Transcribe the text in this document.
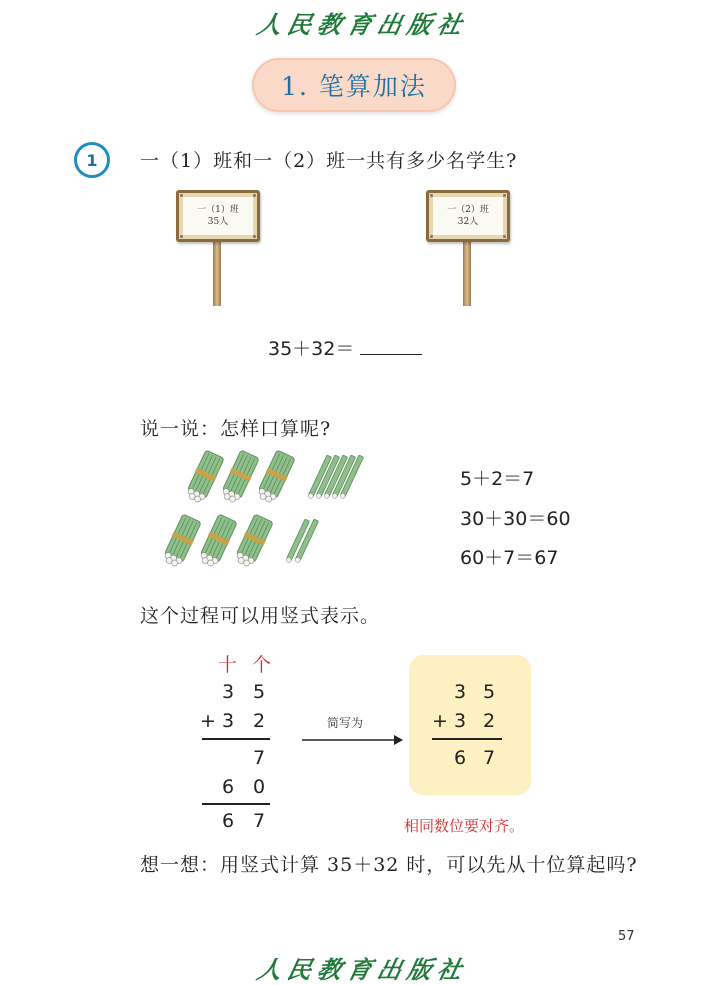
人民教育出版社
1. 笔算加法
1	一（1）班和一（2）班一共有多少名学生?
一（1）班
35人
一（2）班
32人
35＋32＝
说一说：怎样口算呢?
5＋2＝7
30＋30＝60
60＋7＝67
这个过程可以用竖式表示。
十 个
3 5
+ 3 2
7
6 0
6 7
简写为
3 5
+ 3 2
6 7
相同数位要对齐。
想一想：用竖式计算 35＋32 时，可以先从十位算起吗?
57
人民教育出版社
